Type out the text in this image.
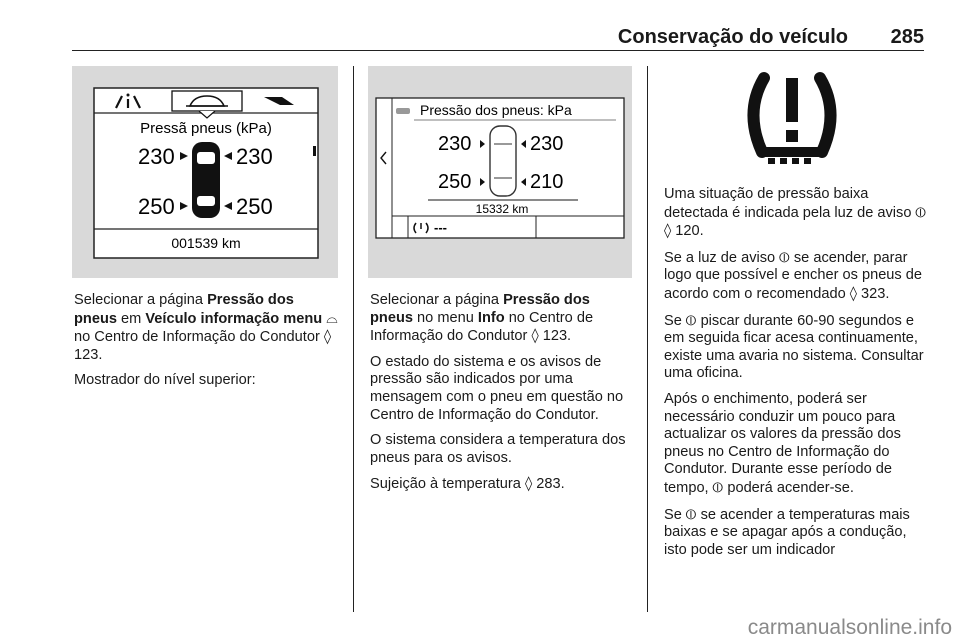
Conservação do veículo 285
Pressã pneus (kPa)
230	230
250	250
001539 km
Pressão dos pneus: kPa
230	230
250	210
15332 km
---

Selecionar a página Pressão dos pneus em Veículo informação menu ⌓ no Centro de Informação do Condutor ◊ 123.

Mostrador do nível superior:

Selecionar a página Pressão dos pneus no menu Info no Centro de Informação do Condutor ◊ 123.

O estado do sistema e os avisos de pressão são indicados por uma mensagem com o pneu em questão no Centro de Informação do Condutor.

O sistema considera a temperatura dos pneus para os avisos.

Sujeição à temperatura ◊ 283.

Uma situação de pressão baixa detectada é indicada pela luz de aviso ⦶ ◊ 120.

Se a luz de aviso ⦶ se acender, parar logo que possível e encher os pneus de acordo com o recomendado ◊ 323.

Se ⦶ piscar durante 60-90 segundos e em seguida ficar acesa continuamente, existe uma avaria no sistema. Consultar uma oficina.

Após o enchimento, poderá ser necessário conduzir um pouco para actualizar os valores da pressão dos pneus no Centro de Informação do Condutor. Durante esse período de tempo, ⦶ poderá acender-se.

Se ⦶ se acender a temperaturas mais baixas e se apagar após a condução, isto pode ser um indicador

carmanualsonline.info
